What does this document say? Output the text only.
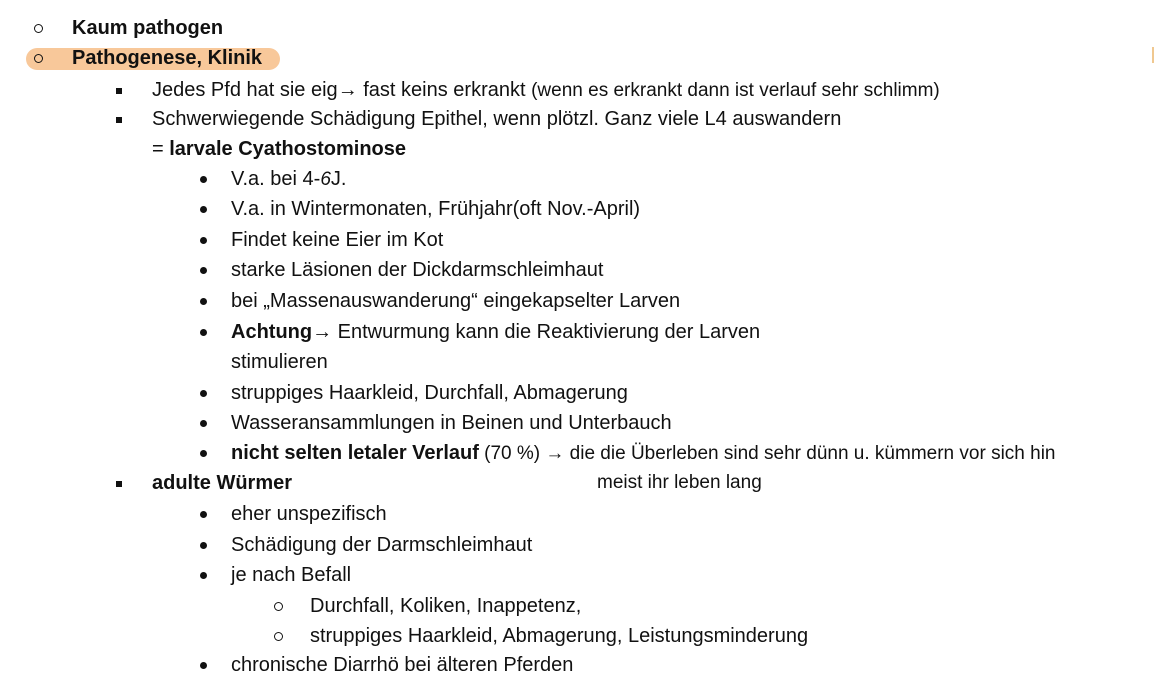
Kaum pathogen
Pathogenese, Klinik
Jedes Pfd hat sie eig→ fast keins erkrankt (wenn es erkrankt dann ist verlauf sehr schlimm)
Schwerwiegende Schädigung Epithel, wenn plötzl. Ganz viele L4 auswandern
= larvale Cyathostominose
V.a. bei 4-6J.
V.a. in Wintermonaten, Frühjahr(oft Nov.-April)
Findet keine Eier im Kot
starke Läsionen der Dickdarmschleimhaut
bei „Massenauswanderung“ eingekapselter Larven
Achtung→ Entwurmung kann die Reaktivierung der Larven
stimulieren
struppiges Haarkleid, Durchfall, Abmagerung
Wasseransammlungen in Beinen und Unterbauch
nicht selten letaler Verlauf (70 %) → die die Überleben sind sehr dünn u. kümmern vor sich hin
adulte Würmer	meist ihr leben lang
eher unspezifisch
Schädigung der Darmschleimhaut
je nach Befall
Durchfall, Koliken, Inappetenz,
struppiges Haarkleid, Abmagerung, Leistungsminderung
chronische Diarrhö bei älteren Pferden
